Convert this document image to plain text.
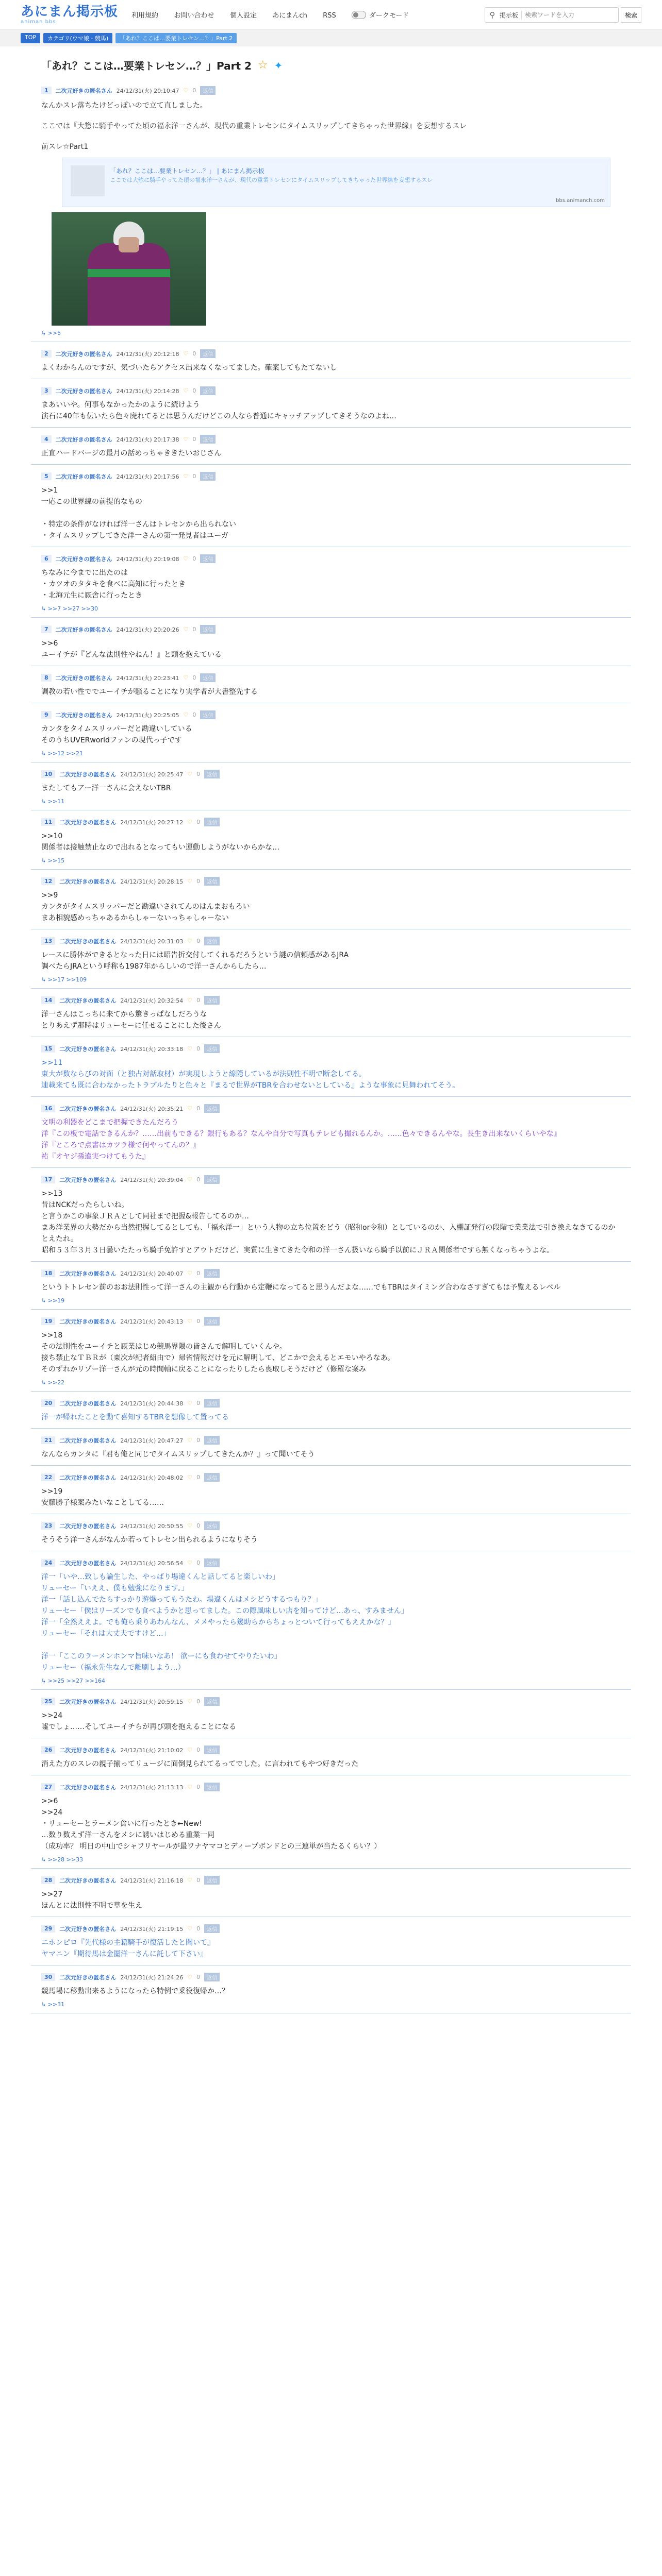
あにまん掲示板
animan bbs
利用規約 お問い合わせ 個人設定 あにまんch RSS	ダークモード	⚲ 掲示板
検索ワードを入力	検索
TOP	カテゴリ(ウマ娘・競馬)	「あれ？ここは…要業トレセン…？」Part 2
「あれ？ここは…要業トレセン…？」Part 2 ☆ ✦
1	二次元好きの匿名さん 24/12/31(火) 20:10:47 ♡ 0	返信
なんかスレ落ちたけどっぽいので立て直しました。
ここでは『大惣に騎手やってた頃の福永洋一さんが、現代の重業トレセンにタイムスリップしてきちゃった世界線』を妄想するスレ
前スレ☆Part1
「あれ？ここは…要業トレセン…？」 | あにまん掲示板
ここでは大惣に騎手やってた頃の福永洋一さんが、現代の重業トレセンにタイムスリップしてきちゃった世界線を妄想するスレ
bbs.animanch.com
↳ >>5
2	二次元好きの匿名さん 24/12/31(火) 20:12:18 ♡ 0	返信
よくわからんのですが、気づいたらアクセス出来なくなってました。確案してもたてないし
3	二次元好きの匿名さん 24/12/31(火) 20:14:28 ♡ 0	返信
まあいいや。何事もなかったかのように続けよう
演石に40年も伝いたら色々廃れてるとは思うんだけどこの人なら普通にキャッチアップしてきそうなのよね…
4	二次元好きの匿名さん 24/12/31(火) 20:17:38 ♡ 0	返信
正直ハードバージの最月の話めっちゃききたいおじさん
5	二次元好きの匿名さん 24/12/31(火) 20:17:56 ♡ 0	返信
>>1
一応この世界線の前提的なもの

・特定の条件がなければ洋一さんはトレセンから出られない
・タイムスリップしてきた洋一さんの第一発見者はユーガ
6	二次元好きの匿名さん 24/12/31(火) 20:19:08 ♡ 0	返信
ちなみに今までに出たのは
・カツオのタタキを食べに高知に行ったとき
・北海元生に厩舎に行ったとき
↳ >>7 >>27 >>30
7	二次元好きの匿名さん 24/12/31(火) 20:20:26 ♡ 0	返信
>>6
ユーイチが『どんな法則性やねん！』と頭を抱えている
8	二次元好きの匿名さん 24/12/31(火) 20:23:41 ♡ 0	返信
調教の若い性ででユーイチが騒ることになり実学者が大書整先する
9	二次元好きの匿名さん 24/12/31(火) 20:25:05 ♡ 0	返信
カンタをタイムスリッパーだと勘違いしている
そのうちUVERworldファンの現代っ子です
↳ >>12 >>21
10	二次元好きの匿名さん 24/12/31(火) 20:25:47 ♡ 0	返信
またしてもアー洋一さんに会えないTBR
↳ >>11
11	二次元好きの匿名さん 24/12/31(火) 20:27:12 ♡ 0	返信
>>10
関係者は接触禁止なので出れるとなってもい運動しようがないからかな…
↳ >>15
12	二次元好きの匿名さん 24/12/31(火) 20:28:15 ♡ 0	返信
>>9
カンタがタイムスリッパーだと勘違いされてんのはんまおもろい
まあ相貌感めっちゃあるからしゃーないっちゃしゃーない
13	二次元好きの匿名さん 24/12/31(火) 20:31:03 ♡ 0	返信
レースに勝体ができるとなった日には昭告折交付してくれるだろうという謎の信頼感があるJRA
調べたらJRAという呼称も1987年からしいので洋一さんからしたら…
↳ >>17 >>109
14	二次元好きの匿名さん 24/12/31(火) 20:32:54 ♡ 0	返信
洋一さんはこっちに来てから驚きっぱなしだろうな
とりあえず那時はリューセーに任せることにした後さん
15	二次元好きの匿名さん 24/12/31(火) 20:33:18 ♡ 0	返信
>>11
東大が数ならびの対面（と独占対話取材）が実現しようと線隠しているが法則性不明で断念してる。
連載来ても既に合わなかったトラブルたりと色々と『まるで世界がTBRを合わせないとしている』ような事象に見舞われてそう。
16	二次元好きの匿名さん 24/12/31(火) 20:35:21 ♡ 0	返信
文明の利器をどこまで把握できたんだろう
洋『この板で電話できるんか？……出前もできる？銀行もある？なんや自分で写真もテレビも撮れるんか。……色々できるんやな。長生き出来ないくらいやな』
洋『ところで点書はカツラ様で何やってんの？』
祐『オヤジ孫違実つけてもうた』
17	二次元好きの匿名さん 24/12/31(火) 20:39:04 ♡ 0	返信
>>13
昔はNCKだったらしいね。
と言うかこの事象ＪＲＡとして同社まで把握&報告してるのか…
まあ洋業界の大勢だから当然把握してるとしても、「福永洋一」という人物の立ち位置をどう（昭和or令和）としているのか、入棚証発行の段階で業業法で引き換えなきてるのかとえたれ。
昭和５３年３月３日曇いたたっち騎手免許すとアウトだけど、実質に生きてきた令和の洋一さん扱いなら騎手以前にＪＲＡ関係者ですら無くなっちゃうよな。
18	二次元好きの匿名さん 24/12/31(火) 20:40:07 ♡ 0	返信
というトトレセン前のおお法則性って洋一さんの主観から行動から定鞭になってると思うんだよな……でもTBRはタイミング合わなさすぎてもは予覧えるレベル
↳ >>19
19	二次元好きの匿名さん 24/12/31(火) 20:43:13 ♡ 0	返信
>>18
その法則性をユーイチと厩業はじめ競馬界隈の皆さんで解明していくんや。
接ち禁止なＴＢＲが（東次が紀者紹由で）帰省情報だけを元に解明して、どこかで会えるとエモいやろなあ。
そのずれかリゾー洋一さんが元の時間軸に戻ることになったりしたら喪取しそうだけど（修羅な案み
↳ >>22
20	二次元好きの匿名さん 24/12/31(火) 20:44:38 ♡ 0	返信
洋一が帰れたことを動て喜知するTBRを想像して置ってる
21	二次元好きの匿名さん 24/12/31(火) 20:47:27 ♡ 0	返信
なんならカンタに『君も俺と同じでタイムスリップしてきたんか？』って聞いてそう
22	二次元好きの匿名さん 24/12/31(火) 20:48:02 ♡ 0	返信
>>19
安藤勝子様案みたいなことしてる……
23	二次元好きの匿名さん 24/12/31(火) 20:50:55 ♡ 0	返信
そうそう洋一さんがなんか若ってトレセン出られるようになりそう
24	二次元好きの匿名さん 24/12/31(火) 20:56:54 ♡ 0	返信
洋一「いや…致しも論生した、やっぱり場違くんと話してると楽しいわ」
リューセー「いええ、僕も勉強になります。」
洋一「話し込んでたらすっかり遊爆ってもうたわ。場違くんはメシどうするつもり？」
リューセー「僕はリーズンでも食べようかと思ってました。この際風味しい店を知ってけど…あっ、すみません」
洋一「全然ええよ。でも俺ら乗りあわんなん、メメやったら幾助らからちょっとついて行ってもええかな？」
リューセー「それは大丈夫ですけど…」

洋一「ここのラーメンホンマ旨味いなあ！ 欲ーにも食わせてやりたいわ」
リューセー（福永先生なんで離刷しよう…）
↳ >>25 >>27 >>164
25	二次元好きの匿名さん 24/12/31(火) 20:59:15 ♡ 0	返信
>>24
嘘でしょ……そしてユーイチらが再び頭を抱えることになる
26	二次元好きの匿名さん 24/12/31(火) 21:10:02 ♡ 0	返信
消えた方のスレの親子揃ってリュージに面倒見られてるってでした。に言われてもやつ好きだった
27	二次元好きの匿名さん 24/12/31(火) 21:13:13 ♡ 0	返信
>>6
>>24
・リューセーとラーメン食いに行ったとき←New!
…数り数えず洋一さんをメシに誘いはじめる重業一同
（成功率？ 明日の中山でシャフリヤールが最ワナヤマコとディープボンドとの三連単が当たるくらい？）
↳ >>28 >>33
28	二次元好きの匿名さん 24/12/31(火) 21:16:18 ♡ 0	返信
>>27
ほんとに法則性不明で草を生え
29	二次元好きの匿名さん 24/12/31(火) 21:19:15 ♡ 0	返信
ニホンピロ『先代様の主籍騎手が復活したと聞いて』
ヤマニン『期待馬は金圏洋一さんに託して下さい』
30	二次元好きの匿名さん 24/12/31(火) 21:24:26 ♡ 0	返信
競馬場に移動出来るようになったら特例で乗役復帰か…？
↳ >>31
